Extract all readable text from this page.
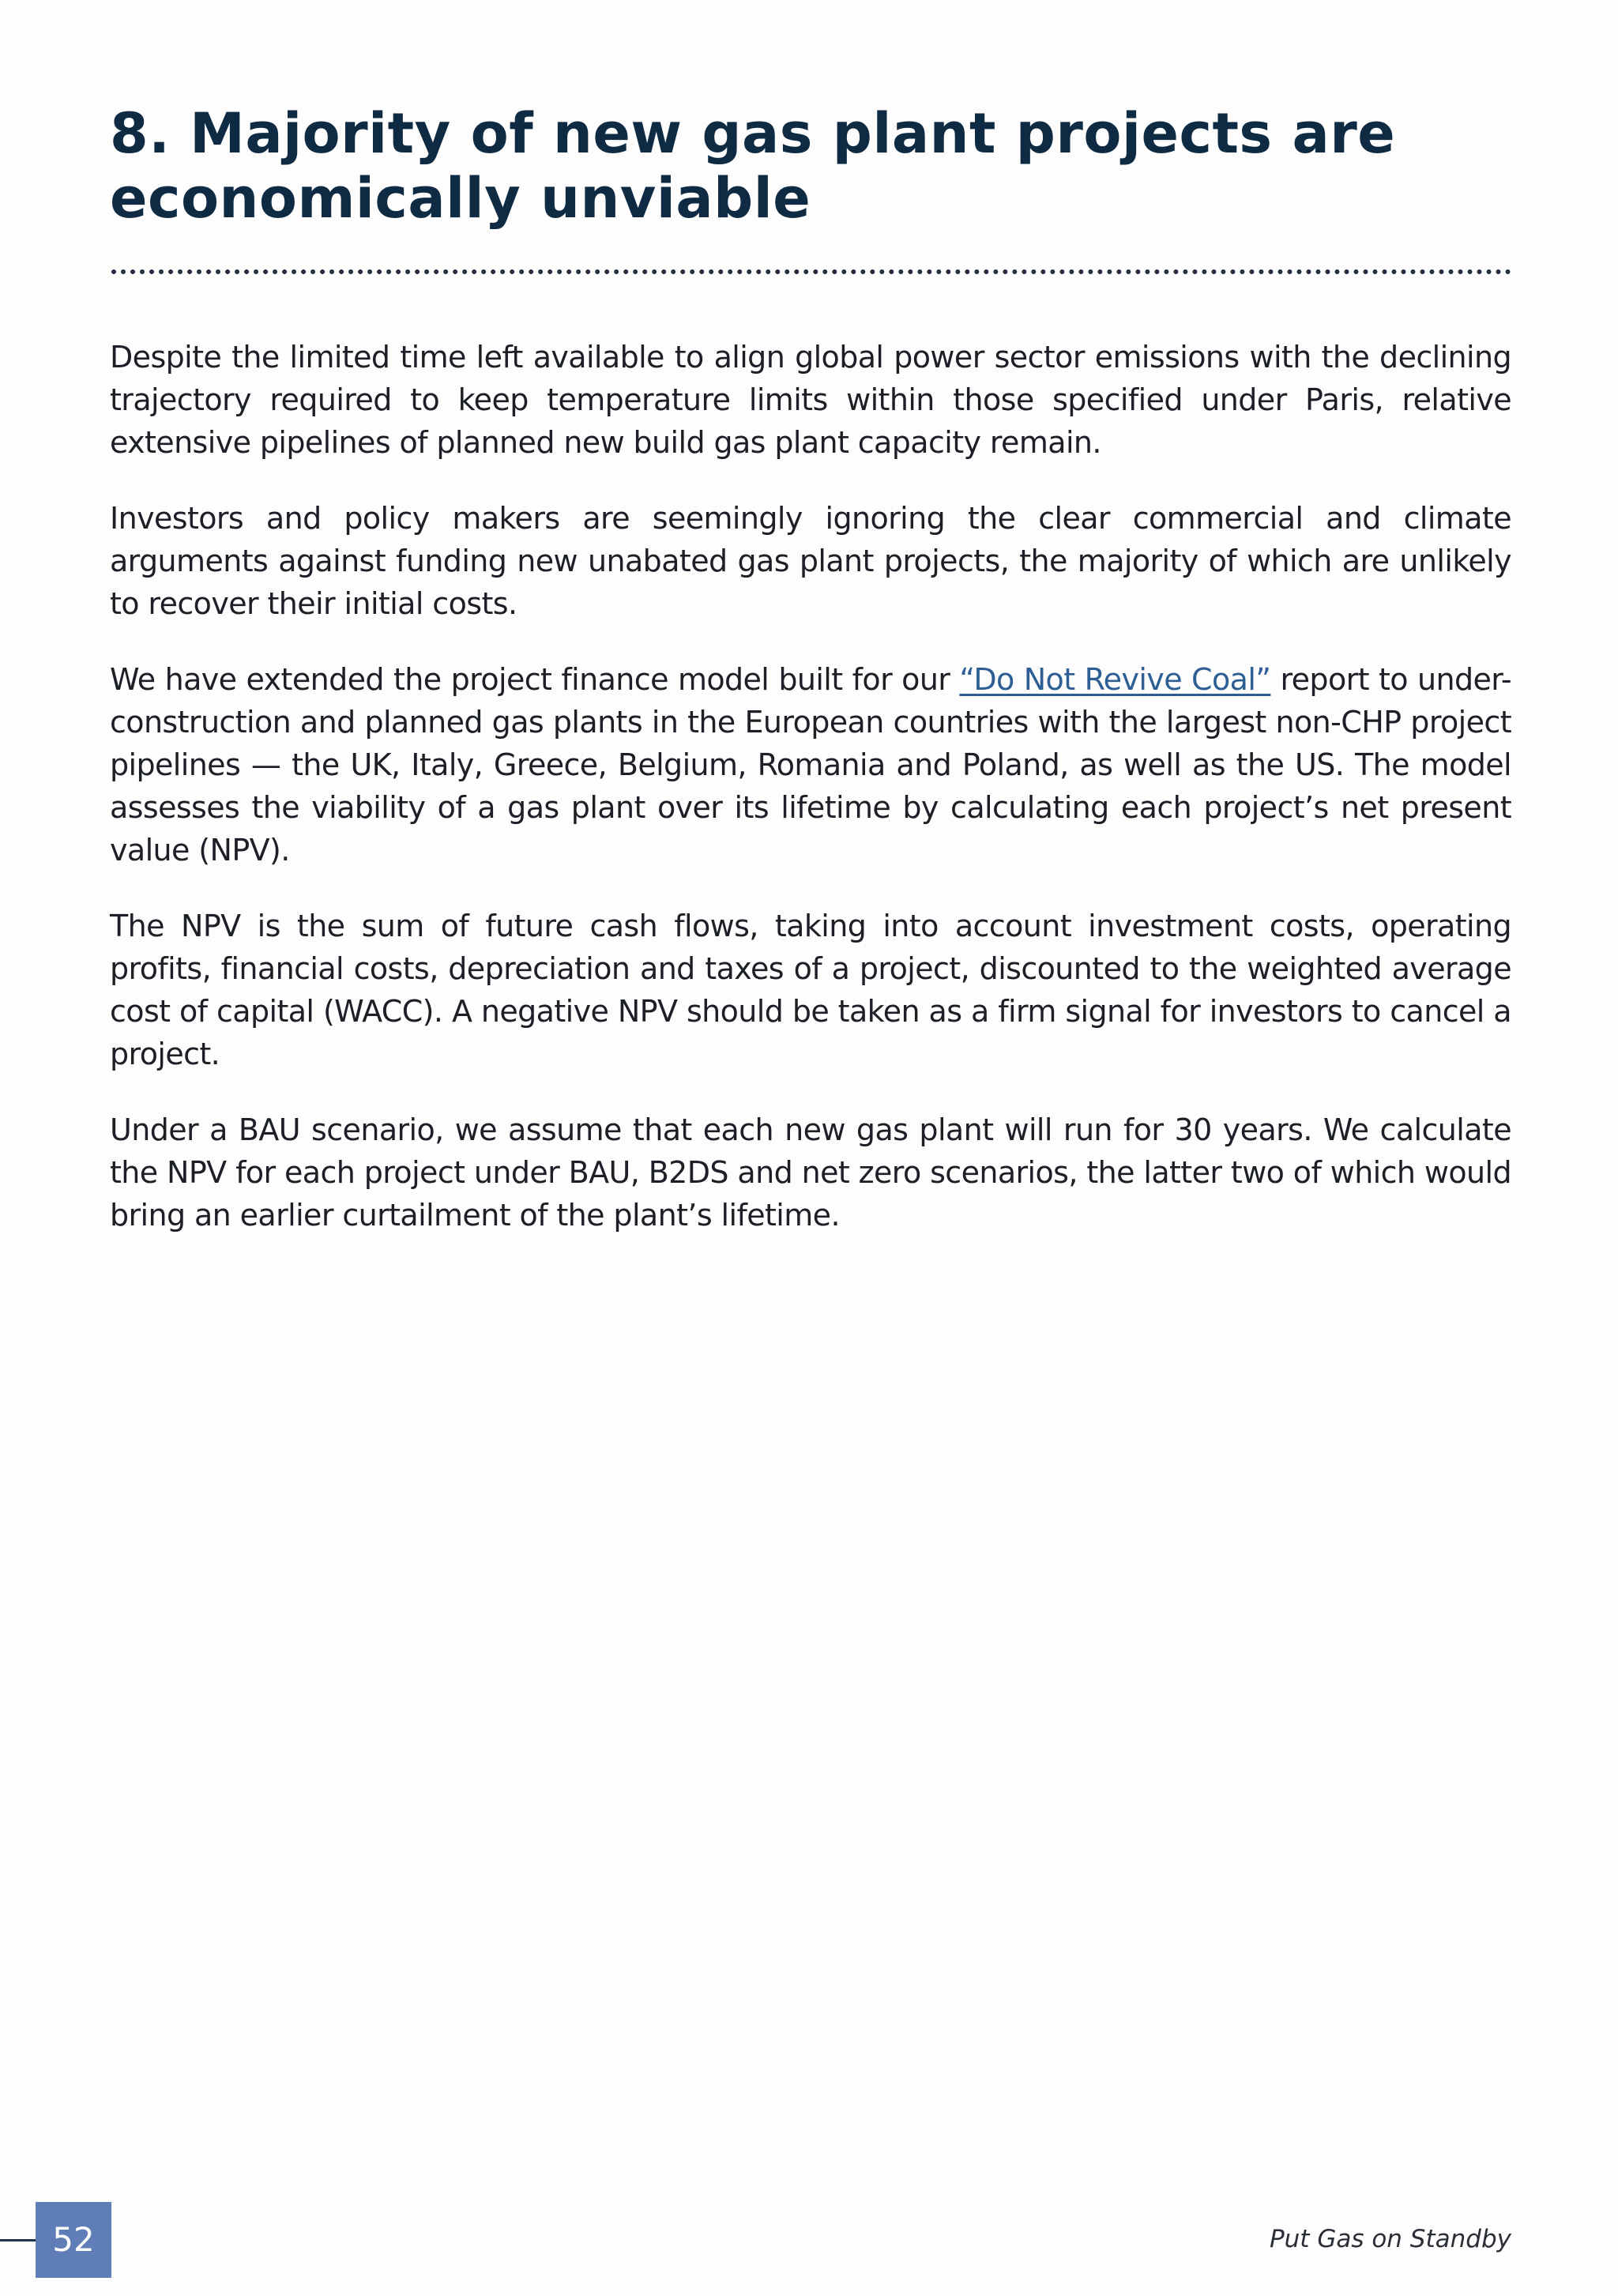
8. Majority of new gas plant projects are economically unviable

Despite the limited time left available to align global power sector emissions with the declining trajectory required to keep temperature limits within those specified under Paris, relative extensive pipelines of planned new build gas plant capacity remain.

Investors and policy makers are seemingly ignoring the clear commercial and climate arguments against funding new unabated gas plant projects, the majority of which are unlikely to recover their initial costs.

We have extended the project finance model built for our “Do Not Revive Coal” report to under-construction and planned gas plants in the European countries with the largest non-CHP project pipelines — the UK, Italy, Greece, Belgium, Romania and Poland, as well as the US. The model assesses the viability of a gas plant over its lifetime by calculating each project’s net present value (NPV).

The NPV is the sum of future cash flows, taking into account investment costs, operating profits, financial costs, depreciation and taxes of a project, discounted to the weighted average cost of capital (WACC). A negative NPV should be taken as a firm signal for investors to cancel a project.

Under a BAU scenario, we assume that each new gas plant will run for 30 years. We calculate the NPV for each project under BAU, B2DS and net zero scenarios, the latter two of which would bring an earlier curtailment of the plant’s lifetime.

52	Put Gas on Standby
